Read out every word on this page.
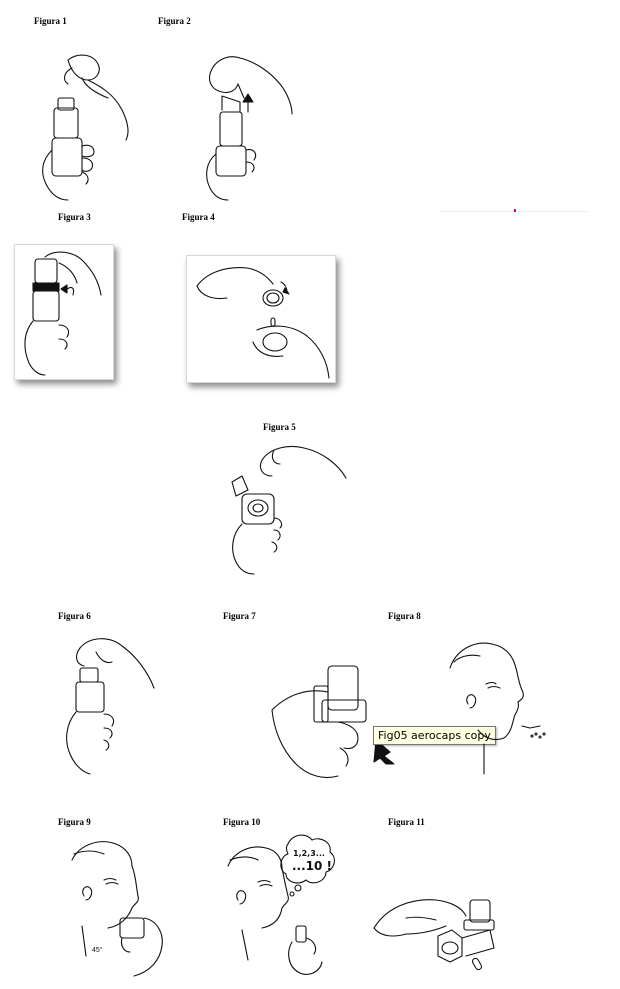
Figura 1	Figura 2
Figura 3	Figura 4
Figura 5
Figura 6	Figura 7	Figura 8
Figura 9	Figura 10	Figura 11
Fig05 aerocaps copy
45°
1,2,3...
...10 !
